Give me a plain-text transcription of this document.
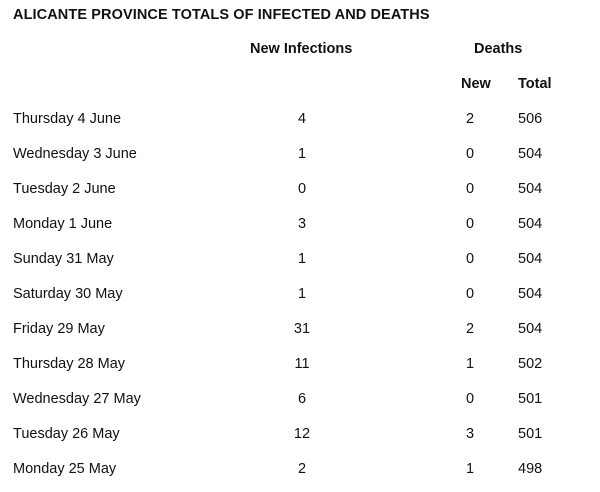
ALICANTE PROVINCE TOTALS OF INFECTED AND DEATHS
New Infections	Deaths
New Total
Thursday 4 June	4	2	506
Wednesday 3 June	1	0	504
Tuesday 2 June	0	0	504
Monday 1 June	3	0	504
Sunday 31 May	1	0	504
Saturday 30 May	1	0	504
Friday 29 May	31	2	504
Thursday 28 May	11	1	502
Wednesday 27 May	6	0	501
Tuesday 26 May	12	3	501
Monday 25 May	2	1	498
